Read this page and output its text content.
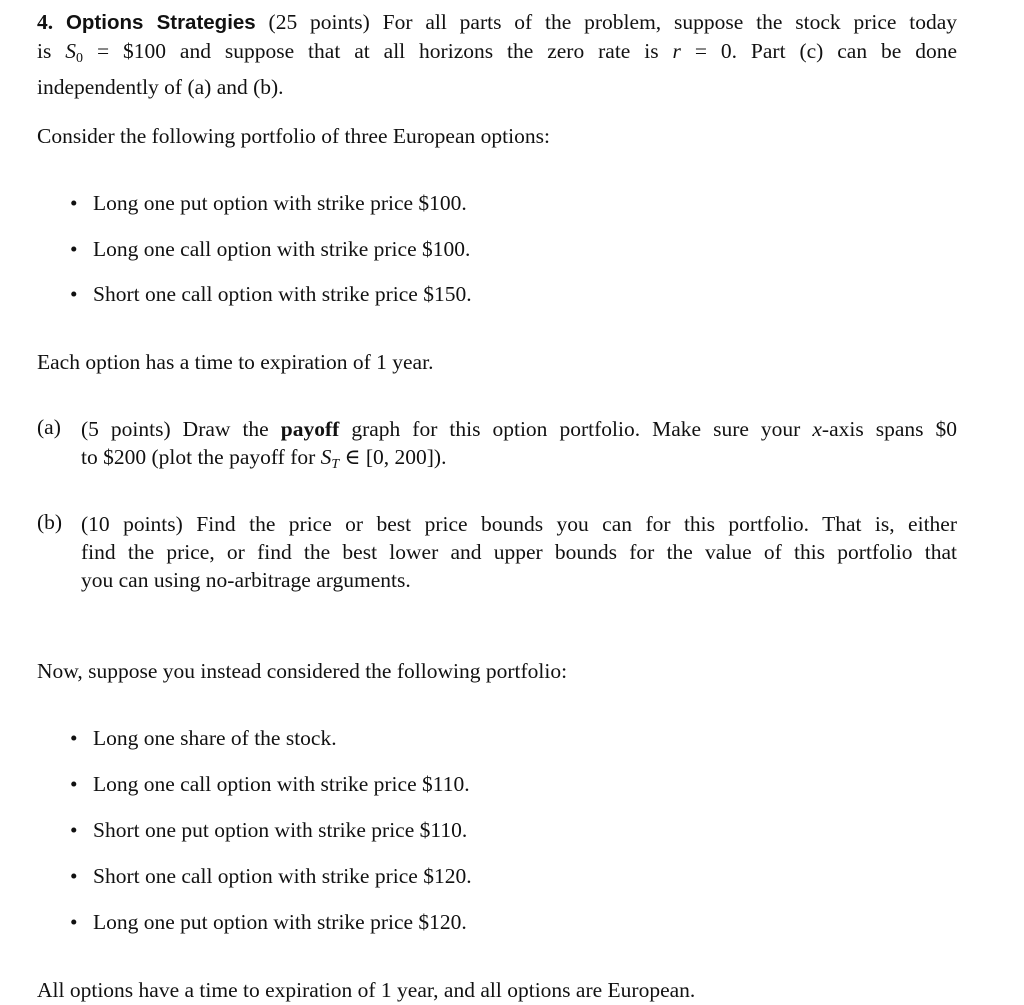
4. Options Strategies (25 points) For all parts of the problem, suppose the stock price today
is $S_0$ = $100 and suppose that at all horizons the zero rate is r = 0. Part (c) can be done
independently of (a) and (b).
Consider the following portfolio of three European options:
• Long one put option with strike price $100.
• Long one call option with strike price $100.
• Short one call option with strike price $150.
Each option has a time to expiration of 1 year.
(a) (5 points) Draw the payoff graph for this option portfolio. Make sure your x-axis spans $0
to $200 (plot the payoff for ST ∈ [0, 200]).
(b) (10 points) Find the price or best price bounds you can for this portfolio. That is, either
find the price, or find the best lower and upper bounds for the value of this portfolio that
you can using no-arbitrage arguments.
Now, suppose you instead considered the following portfolio:
• Long one share of the stock.
• Long one call option with strike price $110.
• Short one put option with strike price $110.
• Short one call option with strike price $120.
• Long one put option with strike price $120.
All options have a time to expiration of 1 year, and all options are European.
